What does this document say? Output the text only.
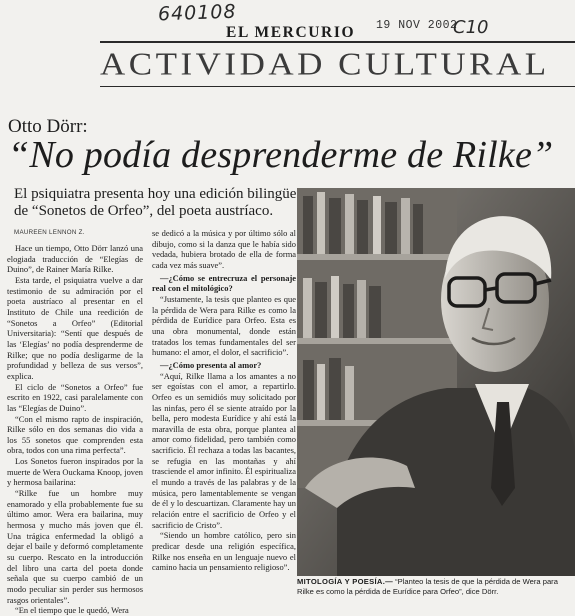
640108
EL MERCURIO 19 NOV 2002
C10
ACTIVIDAD CULTURAL
Otto Dörr:
“No podía desprenderme de Rilke”
El psiquiatra presenta hoy una edición bilingüe de “Sonetos de Orfeo”, del poeta austríaco.
MAUREEN LENNON Z.

Hace un tiempo, Otto Dörr lanzó una elogiada traducción de “Elegías de Duino”, de Rainer María Rilke.

Esta tarde, el psiquiatra vuelve a dar testimonio de su admiración por el poeta austríaco al presentar en el Instituto de Chile una reedición de “Sonetos a Orfeo” (Editorial Universitaria): “Sentí que después de las ‘Elegías’ no podía desprenderme de Rilke; que no podía desligarme de la profundidad y belleza de sus versos”, explica.

El ciclo de “Sonetos a Orfeo” fue escrito en 1922, casi paralelamente con las “Elegías de Duino”.

“Con el mismo rapto de inspiración, Rilke sólo en dos semanas dio vida a los 55 sonetos que comprenden esta obra, todos con una rima perfecta”.

Los Sonetos fueron inspirados por la muerte de Wera Ouckama Knoop, joven y hermosa bailarina:

“Rilke fue un hombre muy enamorado y ella probablemente fue su último amor. Wera era bailarina, muy hermosa y mucho más joven que él. Una trágica enfermedad la obligó a dejar el baile y deformó completamente su cuerpo. Rescato en la introducción del libro una carta del poeta donde señala que su cuerpo cambió de un modo peculiar sin perder sus hermosos rasgos orientales”.

“En el tiempo que le quedó, Wera

se dedicó a la música y por último sólo al dibujo, como si la danza que le había sido vedada, hubiera brotado de ella de forma cada vez más suave”.

—¿Cómo se entrecruza el personaje real con el mitológico?

“Justamente, la tesis que planteo es que la pérdida de Wera para Rilke es como la pérdida de Eurídice para Orfeo. Esta es una obra monumental, donde están tratados los temas fundamentales del ser humano: el amor, el dolor, el sacrificio”.

—¿Cómo presenta al amor?

“Aquí, Rilke llama a los amantes a no ser egoístas con el amor, a repartirlo. Orfeo es un semidiós muy solicitado por las ninfas, pero él se siente atraído por la bella, pero modesta Eurídice y ahí está la maravilla de esta obra, porque plantea al amor como fidelidad, pero también como sacrificio. Él rechaza a todas las bacantes, se refugia en las montañas y ahí trasciende el amor infinito. Él espiritualiza el mundo a través de las palabras y de la música, pero lamentablemente se vengan de él y lo descuartizan. Claramente hay un relación entre el sacrificio de Orfeo y el sacrificio de Cristo”.

“Siendo un hombre católico, pero sin predicar desde una religión específica, Rilke nos enseña en un lenguaje nuevo el camino hacia un pensamiento religioso”.

MITOLOGÍA Y POESÍA.— “Planteo la tesis de que la pérdida de Wera para Rilke es como la pérdida de Eurídice para Orfeo”, dice Dörr.
